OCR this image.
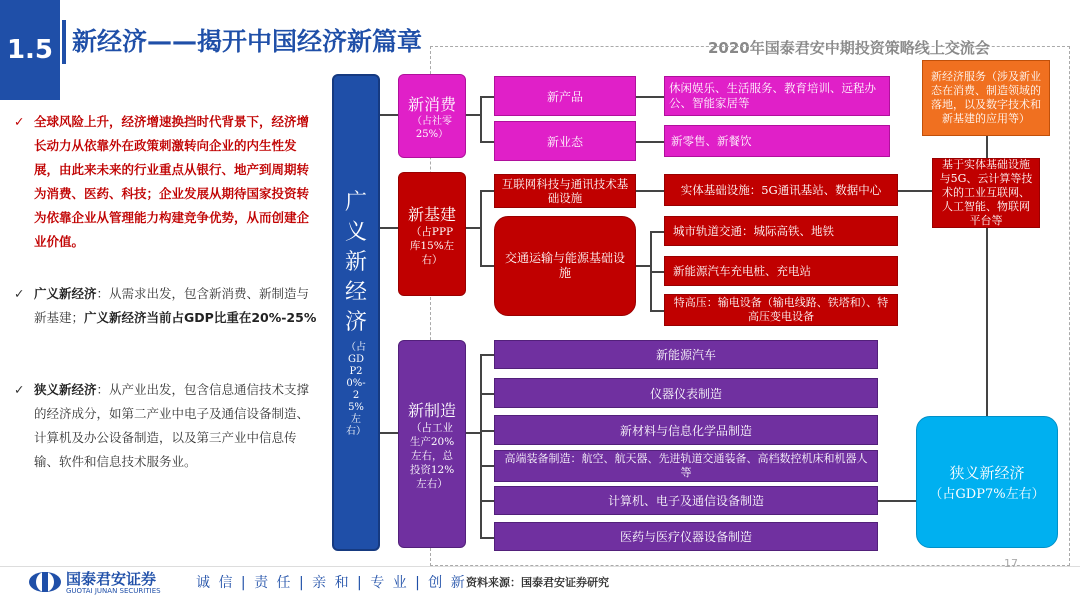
1.5 新经济——揭开中国经济新篇章	2020年国泰君安中期投资策略线上交流会
✓ 全球风险上升，经济增速换挡时代背景下，经济增长动力从依靠外在政策刺激转向企业的内生性发展，由此来未来的行业重点从银行、地产到周期转为消费、医药、科技；企业发展从期待国家投资转为依靠企业从管理能力构建竞争优势，从而创建企业价值。
✓ 广义新经济：从需求出发，包含新消费、新制造与新基建；广义新经济当前占GDP比重在20%-25%
✓ 狭义新经济：从产业出发，包含信息通信技术支撑的经济成分，如第二产业中电子及通信设备制造、计算机及办公设备制造，以及第三产业中信息传输、软件和信息技术服务业。
广义新经济
（占GDP20%-25%左右）
新消费
（占社零25%）
新产品
新业态
休闲娱乐、生活服务、教育培训、远程办公、智能家居等
新零售、新餐饮
新基建
（占PPP库15%左右）
互联网科技与通讯技术基础设施
交通运输与能源基础设施
实体基础设施：5G通讯基站、数据中心
城市轨道交通：城际高铁、地铁
新能源汽车充电桩、充电站
特高压：输电设备（输电线路、铁塔和）、特高压变电设备
新制造
（占工业生产20%左右，总投资12%左右）
新能源汽车
仪器仪表制造
新材料与信息化学品制造
高端装备制造：航空、航天器、先进轨道交通装备、高档数控机床和机器人等
计算机、电子及通信设备制造
医药与医疗仪器设备制造
新经济服务（涉及新业态在消费、制造领域的落地，以及数字技术和新基建的应用等）
基于实体基础设施与5G、云计算等技术的工业互联网、人工智能、物联网平台等
狭义新经济
（占GDP7%左右）
国泰君安证券
GUOTAI JUNAN SECURITIES	诚 信 | 责 任 | 亲 和 | 专 业 | 创 新 资料来源：国泰君安证券研究
17
